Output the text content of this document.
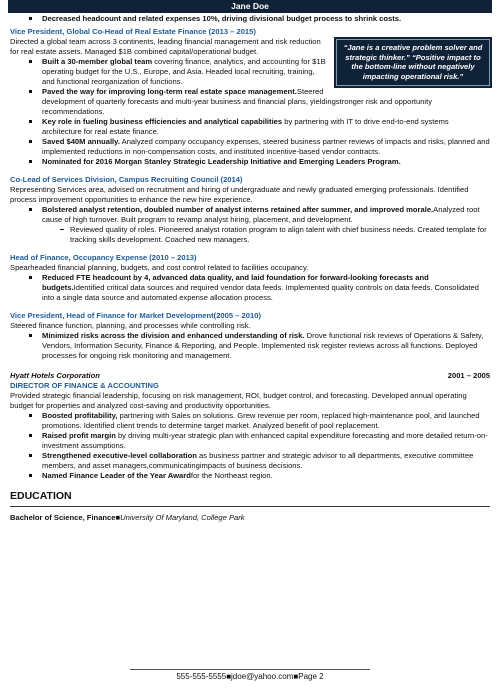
Jane Doe
Decreased headcount and related expenses 10%, driving divisional budget process to shrink costs.
Vice President, Global Co-Head of Real Estate Finance (2013 – 2015)
“Jane is a creative problem solver and strategic thinker.” “Positive impact to the bottom-line without negatively impacting operational risk.”

Directed a global team across 3 continents, leading financial management and risk reduction for real estate assets. Managed $1B combined capital/operational budget.

Built a 30-member global team covering finance, analytics, and accounting for $1B operating budget for the U.S., Europe, and Asia. Headed local recruiting, training, and functional reorganization of functions.
Paved the way for improving long-term real estate space management.Steered development of quarterly forecasts and multi-year business and financial plans, yieldingstronger risk and opportunity recommendations.
Key role in fueling business efficiencies and analytical capabilities by partnering with IT to drive end-to-end systems architecture for real estate finance.
Saved $40M annually. Analyzed company occupancy expenses, steered business partner reviews of impacts and risks, planned and implemented reductions in non-compensation costs, and instituted incentive-based vendor contracts.
Nominated for 2016 Morgan Stanley Strategic Leadership Initiative and Emerging Leaders Program.
Co-Lead of Services Division, Campus Recruiting Council (2014)

Representing Services area, advised on recruitment and hiring of undergraduate and newly graduated emerging professionals. Identified process improvement opportunities to enhance the new hire experience.

Bolstered analyst retention, doubled number of analyst interns retained after summer, and improved morale.Analyzed root cause of high turnover. Built program to revamp analyst hiring, placement, and development.
Reviewed quality of roles. Pioneered analyst rotation program to align talent with chief business needs. Created template for tracking skills development. Coached new managers.
Head of Finance, Occupancy Expense (2010 – 2013)

Spearheaded financial planning, budgets, and cost control related to facilities occupancy.

Reduced FTE headcount by 4, advanced data quality, and laid foundation for forward-looking forecasts and budgets.Identified critical data sources and required vendor data feeds. Implemented quality controls on data feeds. Consolidated into a single data source and automated expense allocation process.
Vice President, Head of Finance for Market Development(2005 – 2010)

Steered finance function, planning, and processes while controlling risk.

Minimized risks across the division and enhanced understanding of risk. Drove functional risk reviews of Operations & Safety, Vendors, Information Security, Finance & Reporting, and People. Implemented risk register reviews across all functions. Deployed processes for ongoing risk monitoring and management.
Hyatt Hotels Corporation	2001 – 2005
DIRECTOR OF FINANCE & ACCOUNTING

Provided strategic financial leadership, focusing on risk management, ROI, budget control, and forecasting. Developed annual operating budget for properties and analyzed cost-saving and productivity opportunities.

Boosted profitability, partnering with Sales on solutions. Grew revenue per room, replaced high-maintenance pool, and launched promotions. Identified client trends to determine target market. Analyzed benefit of pool replacement.
Raised profit margin by driving multi-year strategic plan with enhanced capital expenditure forecasting and more detailed return-on-investment assumptions.
Strengthened executive-level collaboration as business partner and strategic advisor to all departments, executive committee members, and asset managers,communicatingimpacts of business decisions.
Named Finance Leader of the Year Awardfor the Northeast region.
EDUCATION
Bachelor of Science, Finance■University Of Maryland, College Park
555-555-5555■jdoe@yahoo.com■Page 2
